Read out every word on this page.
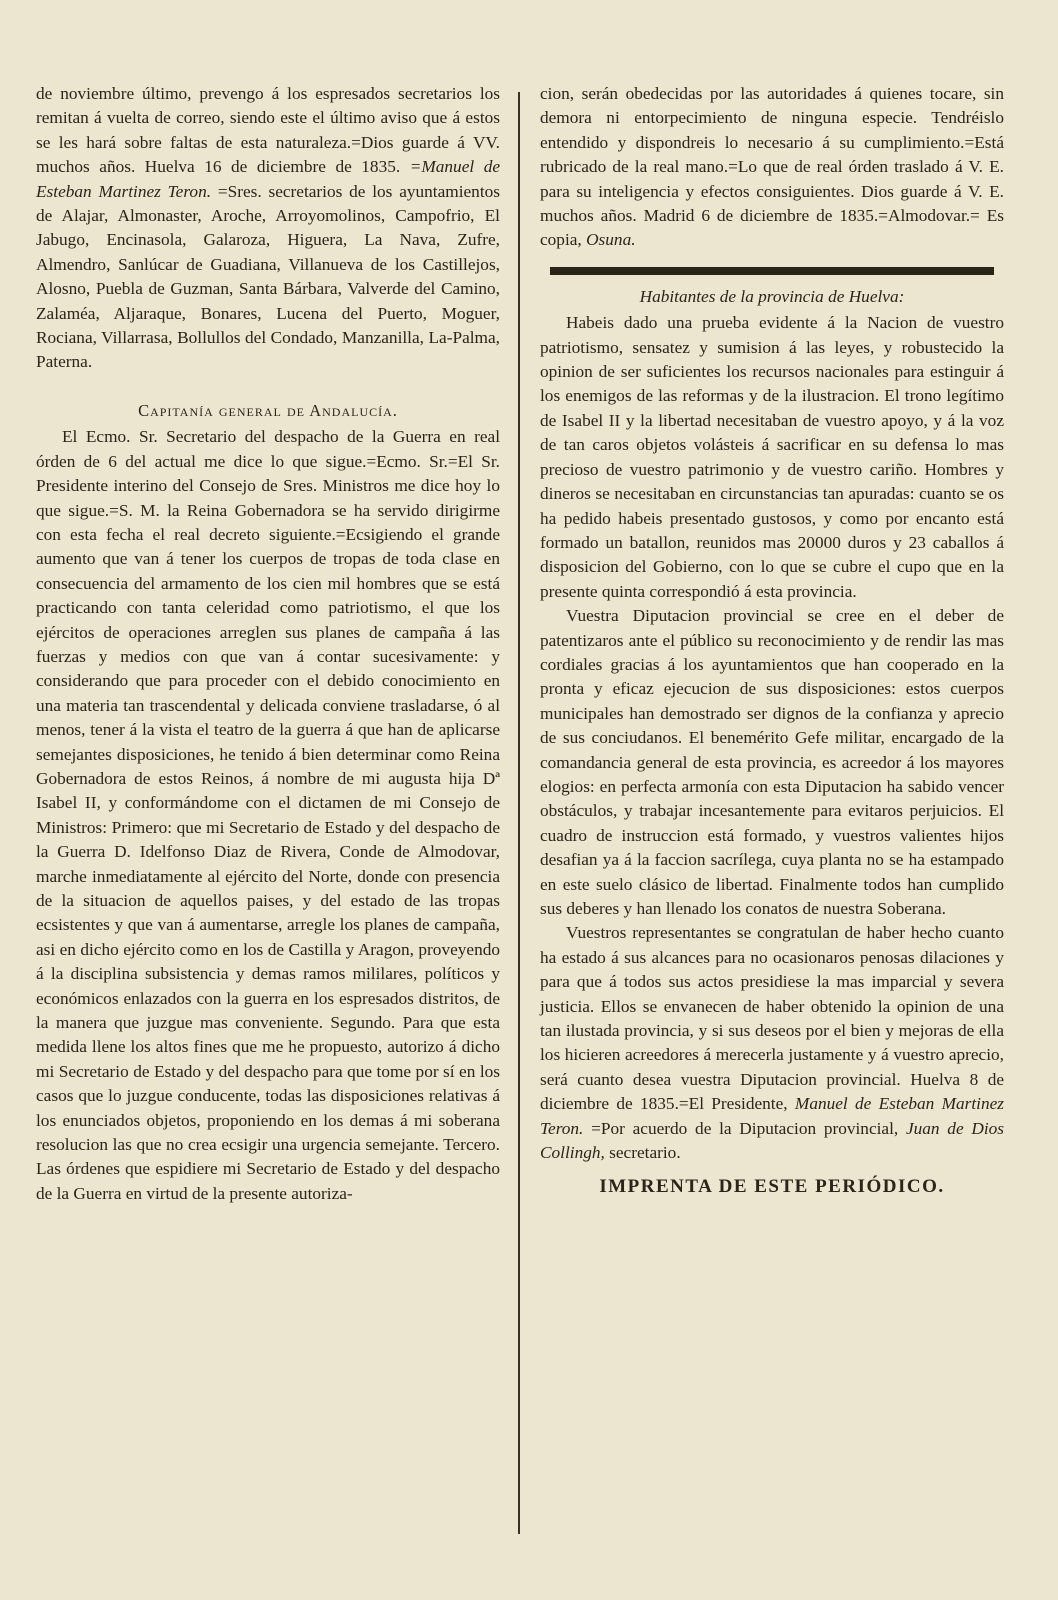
de noviembre último, prevengo á los espresados secretarios los remitan á vuelta de correo, siendo este el último aviso que á estos se les hará sobre faltas de esta naturaleza.=Dios guarde á VV. muchos años. Huelva 16 de diciembre de 1835. =Manuel de Esteban Martinez Teron. =Sres. secretarios de los ayuntamientos de Alajar, Almonaster, Aroche, Arroyomolinos, Campofrio, El Jabugo, Encinasola, Galaroza, Higuera, La Nava, Zufre, Almendro, Sanlúcar de Guadiana, Villanueva de los Castillejos, Alosno, Puebla de Guzman, Santa Bárbara, Valverde del Camino, Zalaméa, Aljaraque, Bonares, Lucena del Puerto, Moguer, Rociana, Villarrasa, Bollullos del Condado, Manzanilla, La-Palma, Paterna.

Capitanía general de Andalucía.

El Ecmo. Sr. Secretario del despacho de la Guerra en real órden de 6 del actual me dice lo que sigue.=Ecmo. Sr.=El Sr. Presidente interino del Consejo de Sres. Ministros me dice hoy lo que sigue.=S. M. la Reina Gobernadora se ha servido dirigirme con esta fecha el real decreto siguiente.=Ecsigiendo el grande aumento que van á tener los cuerpos de tropas de toda clase en consecuencia del armamento de los cien mil hombres que se está practicando con tanta celeridad como patriotismo, el que los ejércitos de operaciones arreglen sus planes de campaña á las fuerzas y medios con que van á contar sucesivamente: y considerando que para proceder con el debido conocimiento en una materia tan trascendental y delicada conviene trasladarse, ó al menos, tener á la vista el teatro de la guerra á que han de aplicarse semejantes disposiciones, he tenido á bien determinar como Reina Gobernadora de estos Reinos, á nombre de mi augusta hija Dª Isabel II, y conformándome con el dictamen de mi Consejo de Ministros: Primero: que mi Secretario de Estado y del despacho de la Guerra D. Idelfonso Diaz de Rivera, Conde de Almodovar, marche inmediatamente al ejército del Norte, donde con presencia de la situacion de aquellos paises, y del estado de las tropas ecsistentes y que van á aumentarse, arregle los planes de campaña, asi en dicho ejército como en los de Castilla y Aragon, proveyendo á la disciplina subsistencia y demas ramos mililares, políticos y económicos enlazados con la guerra en los espresados distritos, de la manera que juzgue mas conveniente. Segundo. Para que esta medida llene los altos fines que me he propuesto, autorizo á dicho mi Secretario de Estado y del despacho para que tome por sí en los casos que lo juzgue conducente, todas las disposiciones relativas á los enunciados objetos, proponiendo en los demas á mi soberana resolucion las que no crea ecsigir una urgencia semejante. Tercero. Las órdenes que espidiere mi Secretario de Estado y del despacho de la Guerra en virtud de la presente autoriza-

cion, serán obedecidas por las autoridades á quienes tocare, sin demora ni entorpecimiento de ninguna especie. Tendréislo entendido y dispondreis lo necesario á su cumplimiento.=Está rubricado de la real mano.=Lo que de real órden traslado á V. E. para su inteligencia y efectos consiguientes. Dios guarde á V. E. muchos años. Madrid 6 de diciembre de 1835.=Almodovar.= Es copia, Osuna.

Habitantes de la provincia de Huelva:

Habeis dado una prueba evidente á la Nacion de vuestro patriotismo, sensatez y sumision á las leyes, y robustecido la opinion de ser suficientes los recursos nacionales para estinguir á los enemigos de las reformas y de la ilustracion. El trono legítimo de Isabel II y la libertad necesitaban de vuestro apoyo, y á la voz de tan caros objetos volásteis á sacrificar en su defensa lo mas precioso de vuestro patrimonio y de vuestro cariño. Hombres y dineros se necesitaban en circunstancias tan apuradas: cuanto se os ha pedido habeis presentado gustosos, y como por encanto está formado un batallon, reunidos mas 20000 duros y 23 caballos á disposicion del Gobierno, con lo que se cubre el cupo que en la presente quinta correspondió á esta provincia.

Vuestra Diputacion provincial se cree en el deber de patentizaros ante el público su reconocimiento y de rendir las mas cordiales gracias á los ayuntamientos que han cooperado en la pronta y eficaz ejecucion de sus disposiciones: estos cuerpos municipales han demostrado ser dignos de la confianza y aprecio de sus conciudanos. El benemérito Gefe militar, encargado de la comandancia general de esta provincia, es acreedor á los mayores elogios: en perfecta armonía con esta Diputacion ha sabido vencer obstáculos, y trabajar incesantemente para evitaros perjuicios. El cuadro de instruccion está formado, y vuestros valientes hijos desafian ya á la faccion sacrílega, cuya planta no se ha estampado en este suelo clásico de libertad. Finalmente todos han cumplido sus deberes y han llenado los conatos de nuestra Soberana.

Vuestros representantes se congratulan de haber hecho cuanto ha estado á sus alcances para no ocasionaros penosas dilaciones y para que á todos sus actos presidiese la mas imparcial y severa justicia. Ellos se envanecen de haber obtenido la opinion de una tan ilustada provincia, y si sus deseos por el bien y mejoras de ella los hicieren acreedores á merecerla justamente y á vuestro aprecio, será cuanto desea vuestra Diputacion provincial. Huelva 8 de diciembre de 1835.=El Presidente, Manuel de Esteban Martinez Teron. =Por acuerdo de la Diputacion provincial, Juan de Dios Collingh, secretario.

IMPRENTA DE ESTE PERIÓDICO.
